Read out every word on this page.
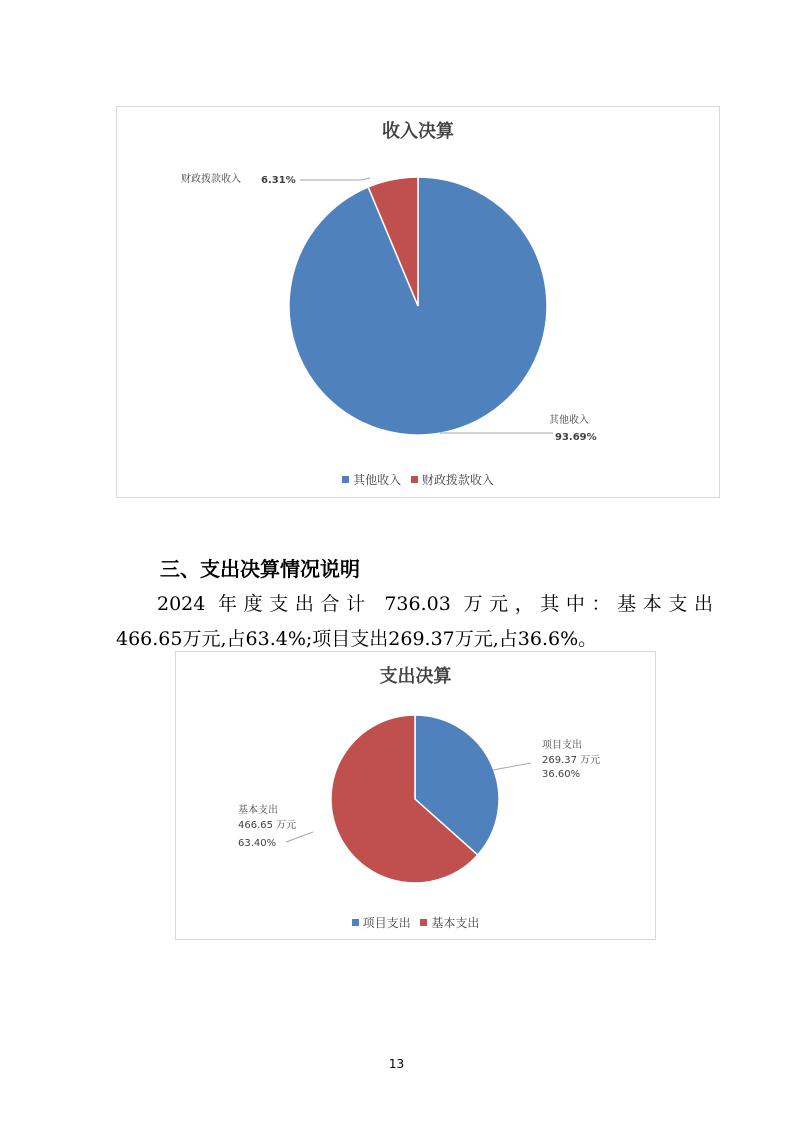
收入决算
财政拨款收入 6.31%
其他收入
93.69%
其他收入 财政拨款收入
三、支出决算情况说明
2024 年度支出合计 736.03 万元，其中：基本支出
466.65万元,占63.4%;项目支出269.37万元,占36.6%。
支出决算
项目支出
269.37 万元
36.60%
基本支出
466.65 万元
63.40%
项目支出 基本支出
13
